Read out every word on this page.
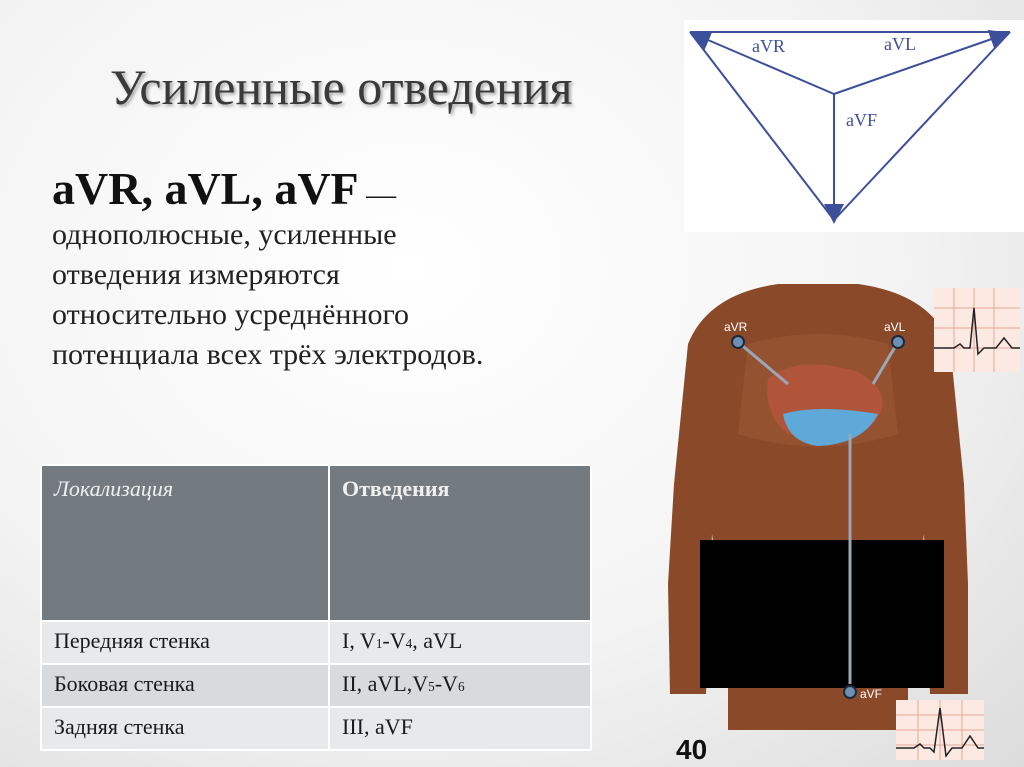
Усиленные отведения
aVR, aVL, aVF —
однополюсные, усиленные отведения измеряются относительно усреднённого потенциала всех трёх электродов.
aVR	aVL
aVF
Локализация	Отведения
Передняя стенка	I, V1-V4, aVL
Боковая стенка	II, aVL,V5-V6
Задняя стенка	III, aVF
aVR	aVL
aVF
40
